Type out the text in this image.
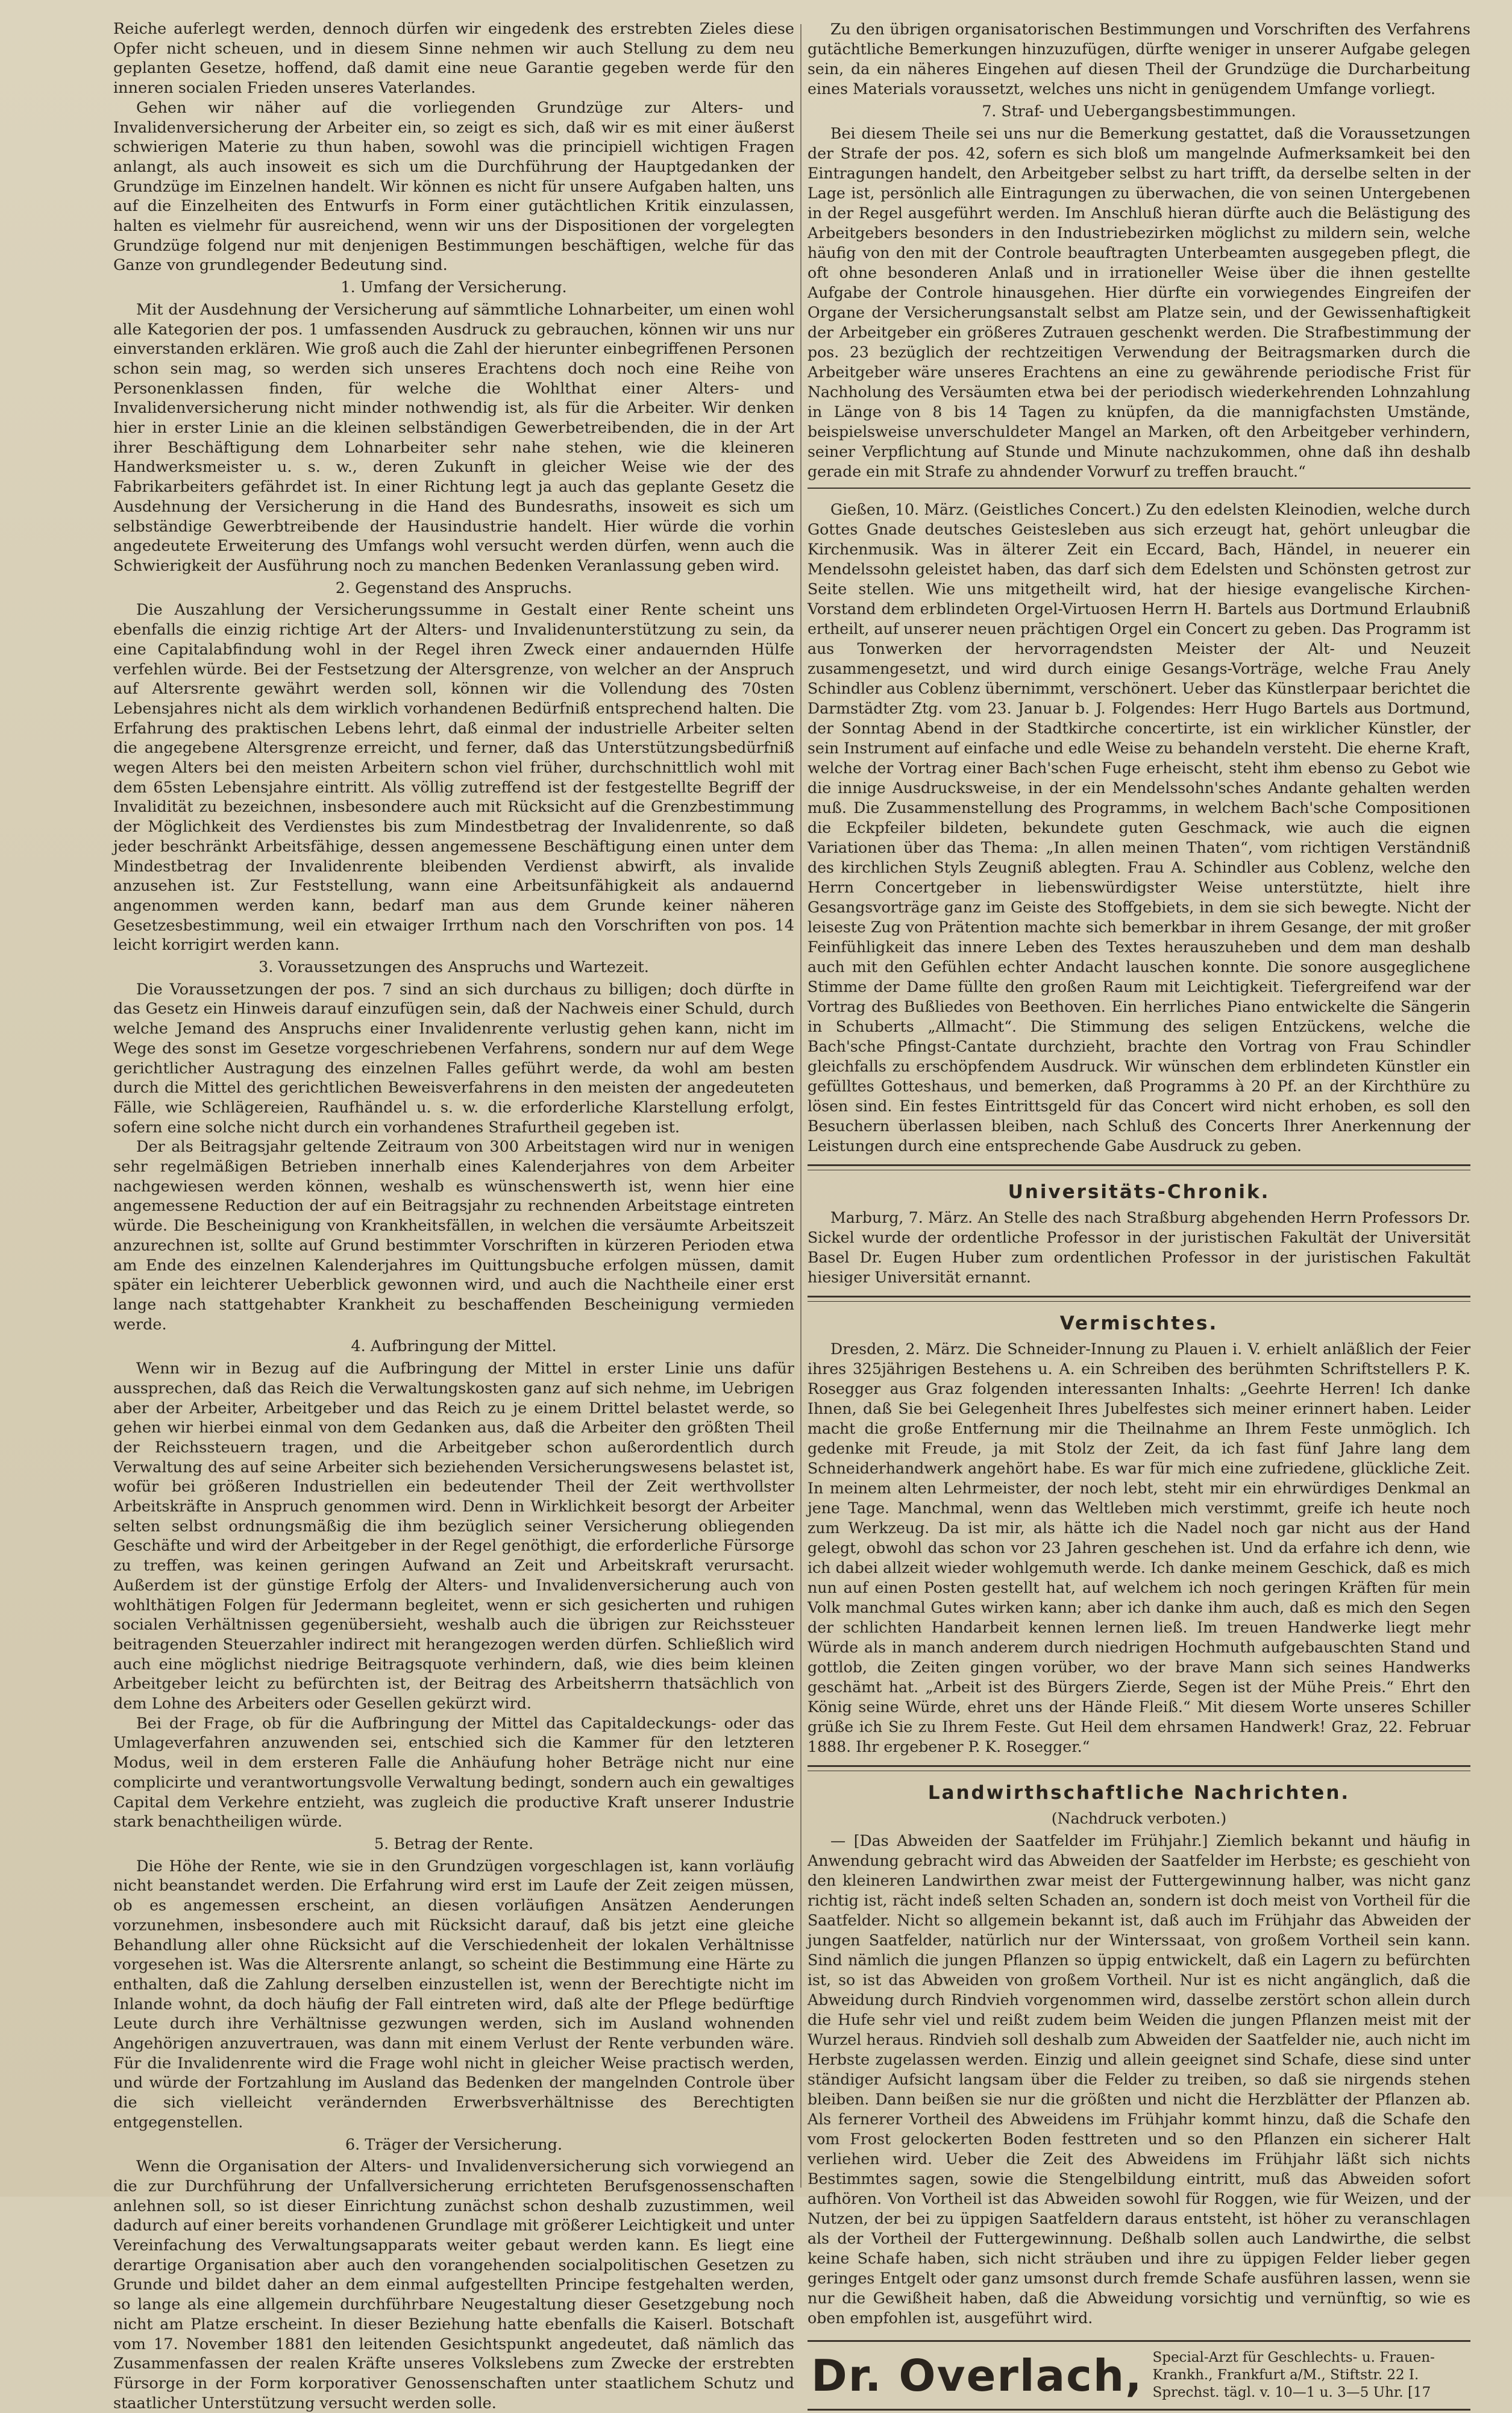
Reiche auferlegt werden, dennoch dürfen wir eingedenk des erstrebten Zieles diese Opfer nicht scheuen, und in diesem Sinne nehmen wir auch Stellung zu dem neu geplanten Gesetze, hoffend, daß damit eine neue Garantie gegeben werde für den inneren socialen Frieden unseres Vaterlandes.

Gehen wir näher auf die vorliegenden Grundzüge zur Alters- und Invalidenversicherung der Arbeiter ein, so zeigt es sich, daß wir es mit einer äußerst schwierigen Materie zu thun haben, sowohl was die principiell wichtigen Fragen anlangt, als auch insoweit es sich um die Durchführung der Hauptgedanken der Grundzüge im Einzelnen handelt. Wir können es nicht für unsere Aufgaben halten, uns auf die Einzelheiten des Entwurfs in Form einer gutächtlichen Kritik einzulassen, halten es vielmehr für ausreichend, wenn wir uns der Dispositionen der vorgelegten Grundzüge folgend nur mit denjenigen Bestimmungen beschäftigen, welche für das Ganze von grundlegender Bedeutung sind.

1. Umfang der Versicherung.

Mit der Ausdehnung der Versicherung auf sämmtliche Lohnarbeiter, um einen wohl alle Kategorien der pos. 1 umfassenden Ausdruck zu gebrauchen, können wir uns nur einverstanden erklären. Wie groß auch die Zahl der hierunter einbegriffenen Personen schon sein mag, so werden sich unseres Erachtens doch noch eine Reihe von Personenklassen finden, für welche die Wohlthat einer Alters- und Invalidenversicherung nicht minder nothwendig ist, als für die Arbeiter. Wir denken hier in erster Linie an die kleinen selbständigen Gewerbetreibenden, die in der Art ihrer Beschäftigung dem Lohnarbeiter sehr nahe stehen, wie die kleineren Handwerksmeister u. s. w., deren Zukunft in gleicher Weise wie der des Fabrikarbeiters gefährdet ist. In einer Richtung legt ja auch das geplante Gesetz die Ausdehnung der Versicherung in die Hand des Bundesraths, insoweit es sich um selbständige Gewerbtreibende der Hausindustrie handelt. Hier würde die vorhin angedeutete Erweiterung des Umfangs wohl versucht werden dürfen, wenn auch die Schwierigkeit der Ausführung noch zu manchen Bedenken Veranlassung geben wird.

2. Gegenstand des Anspruchs.

Die Auszahlung der Versicherungssumme in Gestalt einer Rente scheint uns ebenfalls die einzig richtige Art der Alters- und Invalidenunterstützung zu sein, da eine Capitalabfindung wohl in der Regel ihren Zweck einer andauernden Hülfe verfehlen würde. Bei der Festsetzung der Altersgrenze, von welcher an der Anspruch auf Altersrente gewährt werden soll, können wir die Vollendung des 70sten Lebensjahres nicht als dem wirklich vorhandenen Bedürfniß entsprechend halten. Die Erfahrung des praktischen Lebens lehrt, daß einmal der industrielle Arbeiter selten die angegebene Altersgrenze erreicht, und ferner, daß das Unterstützungsbedürfniß wegen Alters bei den meisten Arbeitern schon viel früher, durchschnittlich wohl mit dem 65sten Lebensjahre eintritt. Als völlig zutreffend ist der festgestellte Begriff der Invalidität zu bezeichnen, insbesondere auch mit Rücksicht auf die Grenzbestimmung der Möglichkeit des Verdienstes bis zum Mindestbetrag der Invalidenrente, so daß jeder beschränkt Arbeitsfähige, dessen angemessene Beschäftigung einen unter dem Mindestbetrag der Invalidenrente bleibenden Verdienst abwirft, als invalide anzusehen ist. Zur Feststellung, wann eine Arbeitsunfähigkeit als andauernd angenommen werden kann, bedarf man aus dem Grunde keiner näheren Gesetzesbestimmung, weil ein etwaiger Irrthum nach den Vorschriften von pos. 14 leicht korrigirt werden kann.

3. Voraussetzungen des Anspruchs und Wartezeit.

Die Voraussetzungen der pos. 7 sind an sich durchaus zu billigen; doch dürfte in das Gesetz ein Hinweis darauf einzufügen sein, daß der Nachweis einer Schuld, durch welche Jemand des Anspruchs einer Invalidenrente verlustig gehen kann, nicht im Wege des sonst im Gesetze vorgeschriebenen Verfahrens, sondern nur auf dem Wege gerichtlicher Austragung des einzelnen Falles geführt werde, da wohl am besten durch die Mittel des gerichtlichen Beweisverfahrens in den meisten der angedeuteten Fälle, wie Schlägereien, Raufhändel u. s. w. die erforderliche Klarstellung erfolgt, sofern eine solche nicht durch ein vorhandenes Strafurtheil gegeben ist.

Der als Beitragsjahr geltende Zeitraum von 300 Arbeitstagen wird nur in wenigen sehr regelmäßigen Betrieben innerhalb eines Kalenderjahres von dem Arbeiter nachgewiesen werden können, weshalb es wünschenswerth ist, wenn hier eine angemessene Reduction der auf ein Beitragsjahr zu rechnenden Arbeitstage eintreten würde. Die Bescheinigung von Krankheitsfällen, in welchen die versäumte Arbeitszeit anzurechnen ist, sollte auf Grund bestimmter Vorschriften in kürzeren Perioden etwa am Ende des einzelnen Kalenderjahres im Quittungsbuche erfolgen müssen, damit später ein leichterer Ueberblick gewonnen wird, und auch die Nachtheile einer erst lange nach stattgehabter Krankheit zu beschaffenden Bescheinigung vermieden werde.

4. Aufbringung der Mittel.

Wenn wir in Bezug auf die Aufbringung der Mittel in erster Linie uns dafür aussprechen, daß das Reich die Verwaltungskosten ganz auf sich nehme, im Uebrigen aber der Arbeiter, Arbeitgeber und das Reich zu je einem Drittel belastet werde, so gehen wir hierbei einmal von dem Gedanken aus, daß die Arbeiter den größten Theil der Reichssteuern tragen, und die Arbeitgeber schon außerordentlich durch Verwaltung des auf seine Arbeiter sich beziehenden Versicherungswesens belastet ist, wofür bei größeren Industriellen ein bedeutender Theil der Zeit werthvollster Arbeitskräfte in Anspruch genommen wird. Denn in Wirklichkeit besorgt der Arbeiter selten selbst ordnungsmäßig die ihm bezüglich seiner Versicherung obliegenden Geschäfte und wird der Arbeitgeber in der Regel genöthigt, die erforderliche Fürsorge zu treffen, was keinen geringen Aufwand an Zeit und Arbeitskraft verursacht. Außerdem ist der günstige Erfolg der Alters- und Invalidenversicherung auch von wohlthätigen Folgen für Jedermann begleitet, wenn er sich gesicherten und ruhigen socialen Verhältnissen gegenübersieht, weshalb auch die übrigen zur Reichssteuer beitragenden Steuerzahler indirect mit herangezogen werden dürfen. Schließlich wird auch eine möglichst niedrige Beitragsquote verhindern, daß, wie dies beim kleinen Arbeitgeber leicht zu befürchten ist, der Beitrag des Arbeitsherrn thatsächlich von dem Lohne des Arbeiters oder Gesellen gekürzt wird.

Bei der Frage, ob für die Aufbringung der Mittel das Capitaldeckungs- oder das Umlageverfahren anzuwenden sei, entschied sich die Kammer für den letzteren Modus, weil in dem ersteren Falle die Anhäufung hoher Beträge nicht nur eine complicirte und verantwortungsvolle Verwaltung bedingt, sondern auch ein gewaltiges Capital dem Verkehre entzieht, was zugleich die productive Kraft unserer Industrie stark benachtheiligen würde.

5. Betrag der Rente.

Die Höhe der Rente, wie sie in den Grundzügen vorgeschlagen ist, kann vorläufig nicht beanstandet werden. Die Erfahrung wird erst im Laufe der Zeit zeigen müssen, ob es angemessen erscheint, an diesen vorläufigen Ansätzen Aenderungen vorzunehmen, insbesondere auch mit Rücksicht darauf, daß bis jetzt eine gleiche Behandlung aller ohne Rücksicht auf die Verschiedenheit der lokalen Verhältnisse vorgesehen ist. Was die Altersrente anlangt, so scheint die Bestimmung eine Härte zu enthalten, daß die Zahlung derselben einzustellen ist, wenn der Berechtigte nicht im Inlande wohnt, da doch häufig der Fall eintreten wird, daß alte der Pflege bedürftige Leute durch ihre Verhältnisse gezwungen werden, sich im Ausland wohnenden Angehörigen anzuvertrauen, was dann mit einem Verlust der Rente verbunden wäre. Für die Invalidenrente wird die Frage wohl nicht in gleicher Weise practisch werden, und würde der Fortzahlung im Ausland das Bedenken der mangelnden Controle über die sich vielleicht verändernden Erwerbsverhältnisse des Berechtigten entgegenstellen.

6. Träger der Versicherung.

Wenn die Organisation der Alters- und Invalidenversicherung sich vorwiegend an die zur Durchführung der Unfallversicherung errichteten Berufsgenossenschaften anlehnen soll, so ist dieser Einrichtung zunächst schon deshalb zuzustimmen, weil dadurch auf einer bereits vorhandenen Grundlage mit größerer Leichtigkeit und unter Vereinfachung des Verwaltungsapparats weiter gebaut werden kann. Es liegt eine derartige Organisation aber auch den vorangehenden socialpolitischen Gesetzen zu Grunde und bildet daher an dem einmal aufgestellten Principe festgehalten werden, so lange als eine allgemein durchführbare Neugestaltung dieser Gesetzgebung noch nicht am Platze erscheint. In dieser Beziehung hatte ebenfalls die Kaiserl. Botschaft vom 17. November 1881 den leitenden Gesichtspunkt angedeutet, daß nämlich das Zusammenfassen der realen Kräfte unseres Volkslebens zum Zwecke der erstrebten Fürsorge in der Form korporativer Genossenschaften unter staatlichem Schutz und staatlicher Unterstützung versucht werden solle.

Zu den übrigen organisatorischen Bestimmungen und Vorschriften des Verfahrens gutächtliche Bemerkungen hinzuzufügen, dürfte weniger in unserer Aufgabe gelegen sein, da ein näheres Eingehen auf diesen Theil der Grundzüge die Durcharbeitung eines Materials voraussetzt, welches uns nicht in genügendem Umfange vorliegt.

7. Straf- und Uebergangsbestimmungen.

Bei diesem Theile sei uns nur die Bemerkung gestattet, daß die Voraussetzungen der Strafe der pos. 42, sofern es sich bloß um mangelnde Aufmerksamkeit bei den Eintragungen handelt, den Arbeitgeber selbst zu hart trifft, da derselbe selten in der Lage ist, persönlich alle Eintragungen zu überwachen, die von seinen Untergebenen in der Regel ausgeführt werden. Im Anschluß hieran dürfte auch die Belästigung des Arbeitgebers besonders in den Industriebezirken möglichst zu mildern sein, welche häufig von den mit der Controle beauftragten Unterbeamten ausgegeben pflegt, die oft ohne besonderen Anlaß und in irrationeller Weise über die ihnen gestellte Aufgabe der Controle hinausgehen. Hier dürfte ein vorwiegendes Eingreifen der Organe der Versicherungsanstalt selbst am Platze sein, und der Gewissenhaftigkeit der Arbeitgeber ein größeres Zutrauen geschenkt werden. Die Strafbestimmung der pos. 23 bezüglich der rechtzeitigen Verwendung der Beitragsmarken durch die Arbeitgeber wäre unseres Erachtens an eine zu gewährende periodische Frist für Nachholung des Versäumten etwa bei der periodisch wiederkehrenden Lohnzahlung in Länge von 8 bis 14 Tagen zu knüpfen, da die mannigfachsten Umstände, beispielsweise unverschuldeter Mangel an Marken, oft den Arbeitgeber verhindern, seiner Verpflichtung auf Stunde und Minute nachzukommen, ohne daß ihn deshalb gerade ein mit Strafe zu ahndender Vorwurf zu treffen braucht.“

Gießen, 10. März. (Geistliches Concert.) Zu den edelsten Kleinodien, welche durch Gottes Gnade deutsches Geistesleben aus sich erzeugt hat, gehört unleugbar die Kirchenmusik. Was in älterer Zeit ein Eccard, Bach, Händel, in neuerer ein Mendelssohn geleistet haben, das darf sich dem Edelsten und Schönsten getrost zur Seite stellen. Wie uns mitgetheilt wird, hat der hiesige evangelische Kirchen-Vorstand dem erblindeten Orgel-Virtuosen Herrn H. Bartels aus Dortmund Erlaubniß ertheilt, auf unserer neuen prächtigen Orgel ein Concert zu geben. Das Programm ist aus Tonwerken der hervorragendsten Meister der Alt- und Neuzeit zusammengesetzt, und wird durch einige Gesangs-Vorträge, welche Frau Anely Schindler aus Coblenz übernimmt, verschönert. Ueber das Künstlerpaar berichtet die Darmstädter Ztg. vom 23. Januar b. J. Folgendes: Herr Hugo Bartels aus Dortmund, der Sonntag Abend in der Stadtkirche concertirte, ist ein wirklicher Künstler, der sein Instrument auf einfache und edle Weise zu behandeln versteht. Die eherne Kraft, welche der Vortrag einer Bach'schen Fuge erheischt, steht ihm ebenso zu Gebot wie die innige Ausdrucksweise, in der ein Mendelssohn'sches Andante gehalten werden muß. Die Zusammenstellung des Programms, in welchem Bach'sche Compositionen die Eckpfeiler bildeten, bekundete guten Geschmack, wie auch die eignen Variationen über das Thema: „In allen meinen Thaten“, vom richtigen Verständniß des kirchlichen Styls Zeugniß ablegten. Frau A. Schindler aus Coblenz, welche den Herrn Concertgeber in liebenswürdigster Weise unterstützte, hielt ihre Gesangsvorträge ganz im Geiste des Stoffgebiets, in dem sie sich bewegte. Nicht der leiseste Zug von Prätention machte sich bemerkbar in ihrem Gesange, der mit großer Feinfühligkeit das innere Leben des Textes herauszuheben und dem man deshalb auch mit den Gefühlen echter Andacht lauschen konnte. Die sonore ausgeglichene Stimme der Dame füllte den großen Raum mit Leichtigkeit. Tiefergreifend war der Vortrag des Bußliedes von Beethoven. Ein herrliches Piano entwickelte die Sängerin in Schuberts „Allmacht“. Die Stimmung des seligen Entzückens, welche die Bach'sche Pfingst-Cantate durchzieht, brachte den Vortrag von Frau Schindler gleichfalls zu erschöpfendem Ausdruck. Wir wünschen dem erblindeten Künstler ein gefülltes Gotteshaus, und bemerken, daß Programms à 20 Pf. an der Kirchthüre zu lösen sind. Ein festes Eintrittsgeld für das Concert wird nicht erhoben, es soll den Besuchern überlassen bleiben, nach Schluß des Concerts Ihrer Anerkennung der Leistungen durch eine entsprechende Gabe Ausdruck zu geben.

Universitäts-Chronik.

Marburg, 7. März. An Stelle des nach Straßburg abgehenden Herrn Professors Dr. Sickel wurde der ordentliche Professor in der juristischen Fakultät der Universität Basel Dr. Eugen Huber zum ordentlichen Professor in der juristischen Fakultät hiesiger Universität ernannt.

Vermischtes.

Dresden, 2. März. Die Schneider-Innung zu Plauen i. V. erhielt anläßlich der Feier ihres 325jährigen Bestehens u. A. ein Schreiben des berühmten Schriftstellers P. K. Rosegger aus Graz folgenden interessanten Inhalts: „Geehrte Herren! Ich danke Ihnen, daß Sie bei Gelegenheit Ihres Jubelfestes sich meiner erinnert haben. Leider macht die große Entfernung mir die Theilnahme an Ihrem Feste unmöglich. Ich gedenke mit Freude, ja mit Stolz der Zeit, da ich fast fünf Jahre lang dem Schneiderhandwerk angehört habe. Es war für mich eine zufriedene, glückliche Zeit. In meinem alten Lehrmeister, der noch lebt, steht mir ein ehrwürdiges Denkmal an jene Tage. Manchmal, wenn das Weltleben mich verstimmt, greife ich heute noch zum Werkzeug. Da ist mir, als hätte ich die Nadel noch gar nicht aus der Hand gelegt, obwohl das schon vor 23 Jahren geschehen ist. Und da erfahre ich denn, wie ich dabei allzeit wieder wohlgemuth werde. Ich danke meinem Geschick, daß es mich nun auf einen Posten gestellt hat, auf welchem ich noch geringen Kräften für mein Volk manchmal Gutes wirken kann; aber ich danke ihm auch, daß es mich den Segen der schlichten Handarbeit kennen lernen ließ. Im treuen Handwerke liegt mehr Würde als in manch anderem durch niedrigen Hochmuth aufgebauschten Stand und gottlob, die Zeiten gingen vorüber, wo der brave Mann sich seines Handwerks geschämt hat. „Arbeit ist des Bürgers Zierde, Segen ist der Mühe Preis.“ Ehrt den König seine Würde, ehret uns der Hände Fleiß.“ Mit diesem Worte unseres Schiller grüße ich Sie zu Ihrem Feste. Gut Heil dem ehrsamen Handwerk! Graz, 22. Februar 1888. Ihr ergebener P. K. Rosegger.“

Landwirthschaftliche Nachrichten.

(Nachdruck verboten.)

— [Das Abweiden der Saatfelder im Frühjahr.] Ziemlich bekannt und häufig in Anwendung gebracht wird das Abweiden der Saatfelder im Herbste; es geschieht von den kleineren Landwirthen zwar meist der Futtergewinnung halber, was nicht ganz richtig ist, rächt indeß selten Schaden an, sondern ist doch meist von Vortheil für die Saatfelder. Nicht so allgemein bekannt ist, daß auch im Frühjahr das Abweiden der jungen Saatfelder, natürlich nur der Winterssaat, von großem Vortheil sein kann. Sind nämlich die jungen Pflanzen so üppig entwickelt, daß ein Lagern zu befürchten ist, so ist das Abweiden von großem Vortheil. Nur ist es nicht angänglich, daß die Abweidung durch Rindvieh vorgenommen wird, dasselbe zerstört schon allein durch die Hufe sehr viel und reißt zudem beim Weiden die jungen Pflanzen meist mit der Wurzel heraus. Rindvieh soll deshalb zum Abweiden der Saatfelder nie, auch nicht im Herbste zugelassen werden. Einzig und allein geeignet sind Schafe, diese sind unter ständiger Aufsicht langsam über die Felder zu treiben, so daß sie nirgends stehen bleiben. Dann beißen sie nur die größten und nicht die Herzblätter der Pflanzen ab. Als fernerer Vortheil des Abweidens im Frühjahr kommt hinzu, daß die Schafe den vom Frost gelockerten Boden festtreten und so den Pflanzen ein sicherer Halt verliehen wird. Ueber die Zeit des Abweidens im Frühjahr läßt sich nichts Bestimmtes sagen, sowie die Stengelbildung eintritt, muß das Abweiden sofort aufhören. Von Vortheil ist das Abweiden sowohl für Roggen, wie für Weizen, und der Nutzen, der bei zu üppigen Saatfeldern daraus entsteht, ist höher zu veranschlagen als der Vortheil der Futtergewinnung. Deßhalb sollen auch Landwirthe, die selbst keine Schafe haben, sich nicht sträuben und ihre zu üppigen Felder lieber gegen geringes Entgelt oder ganz umsonst durch fremde Schafe ausführen lassen, wenn sie nur die Gewißheit haben, daß die Abweidung vorsichtig und vernünftig, so wie es oben empfohlen ist, ausgeführt wird.

Dr. Overlach, Special-Arzt für Geschlechts- u. Frauen-Krankh., Frankfurt a/M., Stiftstr. 22 I. Sprechst. tägl. v. 10—1 u. 3—5 Uhr. [17
